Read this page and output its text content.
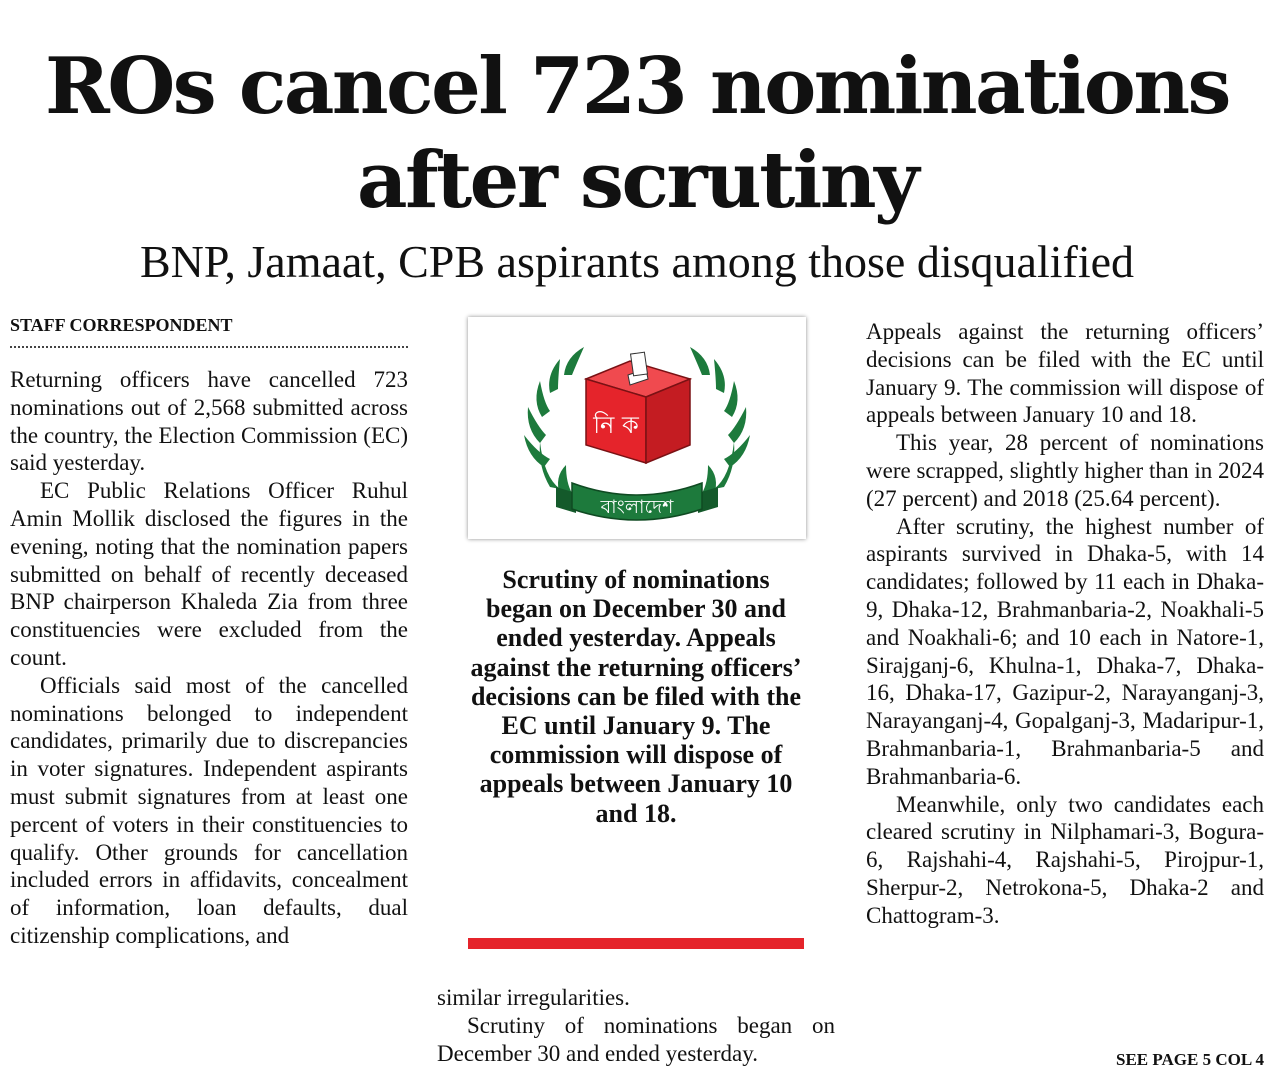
ROs cancel 723 nominations
after scrutiny
BNP, Jamaat, CPB aspirants among those disqualified
STAFF CORRESPONDENT

Returning officers have cancelled 723 nominations out of 2,568 submitted across the country, the Election Commission (EC) said yesterday.

EC Public Relations Officer Ruhul Amin Mollik disclosed the figures in the evening, noting that the nomination papers submitted on behalf of recently deceased BNP chairperson Khaleda Zia from three constituencies were excluded from the count.

Officials said most of the cancelled nominations belonged to independent candidates, primarily due to discrepancies in voter signatures. Independent aspirants must submit signatures from at least one percent of voters in their constituencies to qualify. Other grounds for cancellation included errors in affidavits, concealment of information, loan defaults, dual citizenship complications, and

নি ক
বাংলাদেশ

Scrutiny of nominations began on December 30 and ended yesterday. Appeals against the returning officers’ decisions can be filed with the EC until January 9. The commission will dispose of appeals between January 10 and 18.

similar irregularities.

Scrutiny of nominations began on December 30 and ended yesterday.

Appeals against the returning officers’ decisions can be filed with the EC until January 9. The commission will dispose of appeals between January 10 and 18.

This year, 28 percent of nominations were scrapped, slightly higher than in 2024 (27 percent) and 2018 (25.64 percent).

After scrutiny, the highest number of aspirants survived in Dhaka-5, with 14 candidates; followed by 11 each in Dhaka-9, Dhaka-12, Brahmanbaria-2, Noakhali-5 and Noakhali-6; and 10 each in Natore-1, Sirajganj-6, Khulna-1, Dhaka-7, Dhaka-16, Dhaka-17, Gazipur-2, Narayanganj-3, Narayanganj-4, Gopalganj-3, Madaripur-1, Brahmanbaria-1, Brahmanbaria-5 and Brahmanbaria-6.

Meanwhile, only two candidates each cleared scrutiny in Nilphamari-3, Bogura-6, Rajshahi-4, Rajshahi-5, Pirojpur-1, Sherpur-2, Netrokona-5, Dhaka-2 and Chattogram-3.

SEE PAGE 5 COL 4
